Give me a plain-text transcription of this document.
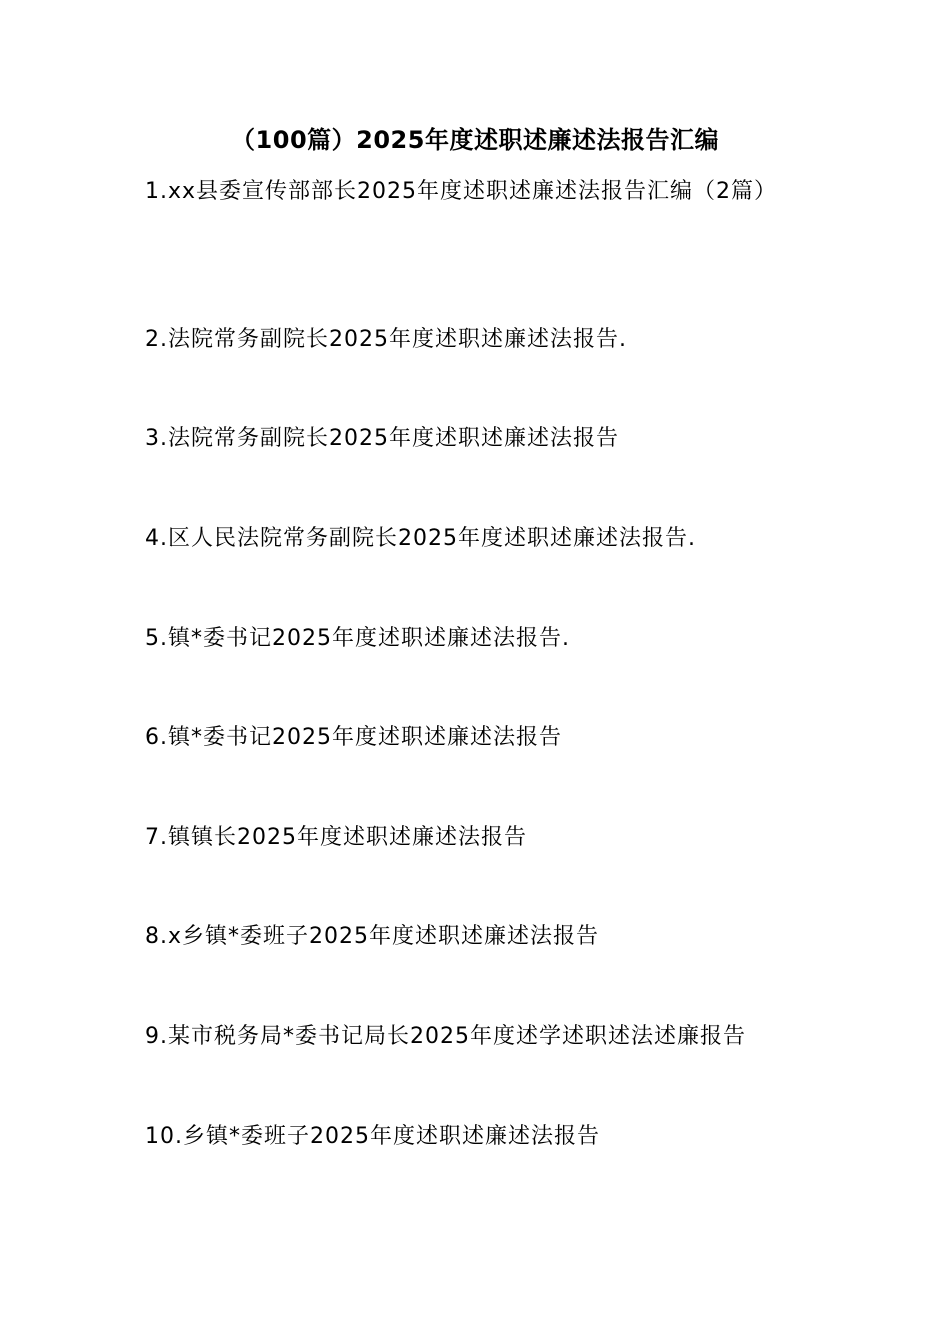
（100篇）2025年度述职述廉述法报告汇编
1.xx县委宣传部部长2025年度述职述廉述法报告汇编（2篇）
2.法院常务副院长2025年度述职述廉述法报告.
3.法院常务副院长2025年度述职述廉述法报告
4.区人民法院常务副院长2025年度述职述廉述法报告.
5.镇*委书记2025年度述职述廉述法报告.
6.镇*委书记2025年度述职述廉述法报告
7.镇镇长2025年度述职述廉述法报告
8.x乡镇*委班子2025年度述职述廉述法报告
9.某市税务局*委书记局长2025年度述学述职述法述廉报告
10.乡镇*委班子2025年度述职述廉述法报告
